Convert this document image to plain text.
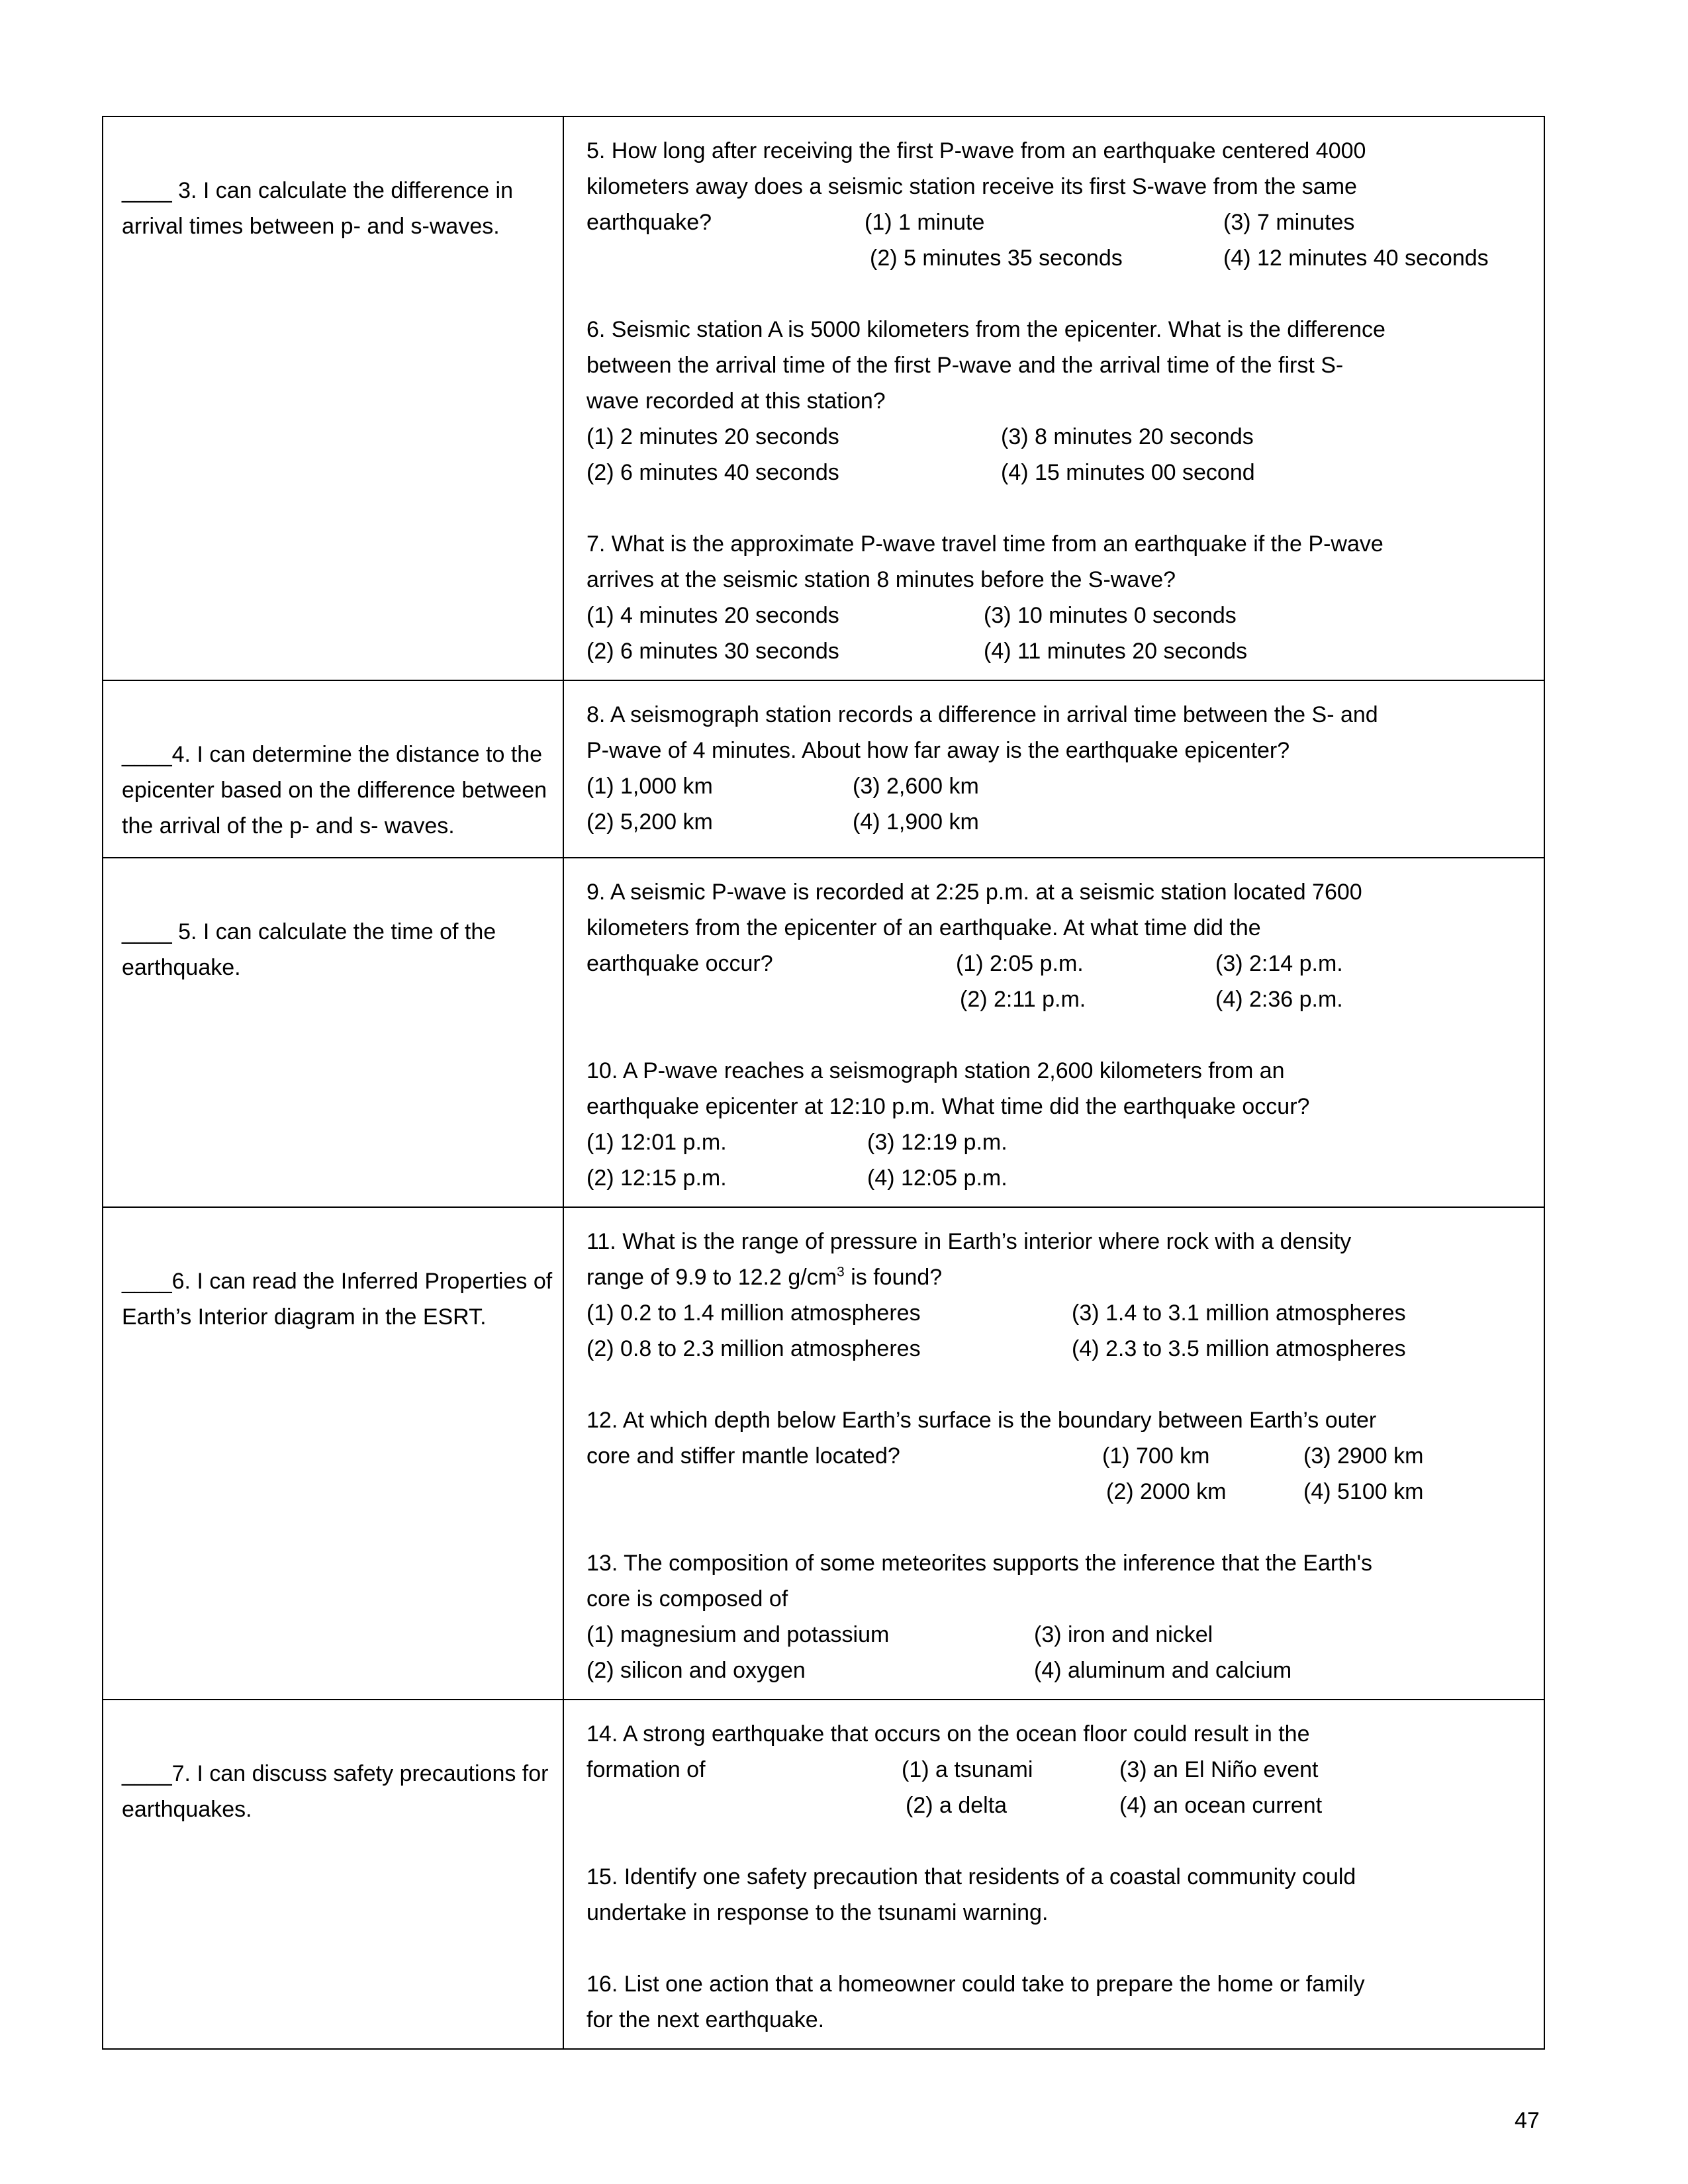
____ 3. I can calculate the difference in arrival times between p- and s-waves.

5. How long after receiving the first P-wave from an earthquake centered 4000
kilometers away does a seismic station receive its first S-wave from the same
earthquake?	(1) 1 minute	(3) 7 minutes
(2) 5 minutes 35 seconds	(4) 12 minutes 40 seconds
6. Seismic station A is 5000 kilometers from the epicenter. What is the difference
between the arrival time of the first P-wave and the arrival time of the first S-
wave recorded at this station?
(1) 2 minutes 20 seconds	(3) 8 minutes 20 seconds
(2) 6 minutes 40 seconds	(4) 15 minutes 00 second
7. What is the approximate P-wave travel time from an earthquake if the P-wave
arrives at the seismic station 8 minutes before the S-wave?
(1) 4 minutes 20 seconds	(3) 10 minutes 0 seconds
(2) 6 minutes 30 seconds	(4) 11 minutes 20 seconds

____4. I can determine the distance to the epicenter based on the difference between the arrival of the p- and s- waves.

8. A seismograph station records a difference in arrival time between the S- and
P-wave of 4 minutes. About how far away is the earthquake epicenter?
(1) 1,000 km	(3) 2,600 km
(2) 5,200 km	(4) 1,900 km

____ 5. I can calculate the time of the earthquake.

9. A seismic P-wave is recorded at 2:25 p.m. at a seismic station located 7600
kilometers from the epicenter of an earthquake. At what time did the
earthquake occur?	(1) 2:05 p.m.	(3) 2:14 p.m.
(2) 2:11 p.m.	(4) 2:36 p.m.
10. A P-wave reaches a seismograph station 2,600 kilometers from an
earthquake epicenter at 12:10 p.m. What time did the earthquake occur?
(1) 12:01 p.m.	(3) 12:19 p.m.
(2) 12:15 p.m.	(4) 12:05 p.m.

____6. I can read the Inferred Properties of Earth’s Interior diagram in the ESRT.

11. What is the range of pressure in Earth’s interior where rock with a density
range of 9.9 to 12.2 $g/cm^3$ is found?
(1) 0.2 to 1.4 million atmospheres	(3) 1.4 to 3.1 million atmospheres
(2) 0.8 to 2.3 million atmospheres	(4) 2.3 to 3.5 million atmospheres
12. At which depth below Earth’s surface is the boundary between Earth’s outer
core and stiffer mantle located?	(1) 700 km	(3) 2900 km
(2) 2000 km	(4) 5100 km
13. The composition of some meteorites supports the inference that the Earth's
core is composed of
(1) magnesium and potassium	(3) iron and nickel
(2) silicon and oxygen	(4) aluminum and calcium

____7. I can discuss safety precautions for earthquakes.

14. A strong earthquake that occurs on the ocean floor could result in the
formation of	(1) a tsunami	(3) an El Niño event
(2) a delta	(4) an ocean current
15. Identify one safety precaution that residents of a coastal community could
undertake in response to the tsunami warning.
16. List one action that a homeowner could take to prepare the home or family
for the next earthquake.
47
